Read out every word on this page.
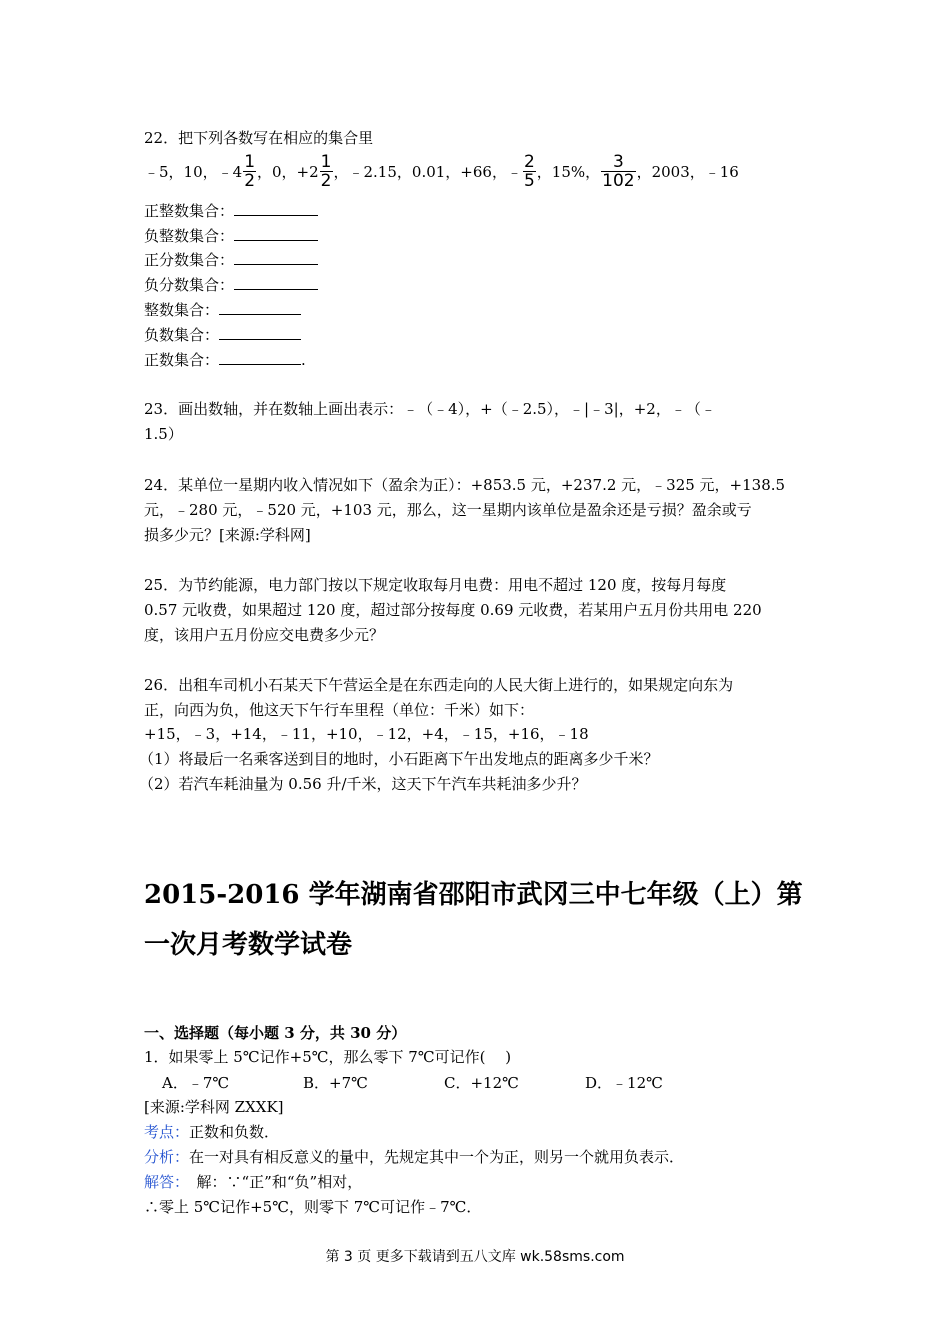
22．把下列各数写在相应的集合里
﹣5，10，﹣4 $\frac{1}{2}$ ，0，$+2 \frac{1}{2}$ ，﹣2.15，0.01，+66，﹣ $\frac{2}{5}$ ，15%， $\frac{3}{102}$ ，2003，﹣16
正整数集合：
负整数集合：
正分数集合：
负分数集合：
整数集合：
负数集合：
正数集合：	.
23．画出数轴，并在数轴上画出表示：﹣（﹣4），+（﹣2.5），﹣|﹣3|，+2，﹣（﹣
1.5）
24．某单位一星期内收入情况如下（盈余为正）：+853.5 元，+237.2 元，﹣325 元，+138.5
元，﹣280 元，﹣520 元，+103 元，那么，这一星期内该单位是盈余还是亏损？盈余或亏
损多少元？[来源:学科网]
25．为节约能源，电力部门按以下规定收取每月电费：用电不超过 120 度，按每月每度
0.57 元收费，如果超过 120 度，超过部分按每度 0.69 元收费，若某用户五月份共用电 220
度，该用户五月份应交电费多少元？
26．出租车司机小石某天下午营运全是在东西走向的人民大街上进行的，如果规定向东为
正，向西为负，他这天下午行车里程（单位：千米）如下：
+15，﹣3，+14，﹣11，+10，﹣12，+4，﹣15，+16，﹣18
（1）将最后一名乘客送到目的地时，小石距离下午出发地点的距离多少千米？
（2）若汽车耗油量为 0.56 升/千米，这天下午汽车共耗油多少升？
2015-2016 学年湖南省邵阳市武冈三中七年级（上）第
一次月考数学试卷
一、选择题（每小题 3 分，共 30 分）
1．如果零上 5℃记作+5℃，那么零下 7℃可记作(　 )
A．﹣7℃	B．+7℃	C．+12℃	D．﹣12℃
[来源:学科网 ZXXK]
考点：正数和负数．
分析：在一对具有相反意义的量中，先规定其中一个为正，则另一个就用负表示．
解答：　解：∵“正”和“负”相对，
∴零上 5℃记作+5℃，则零下 7℃可记作﹣7℃．
第 3 页 更多下载请到五八文库 wk.58sms.com
